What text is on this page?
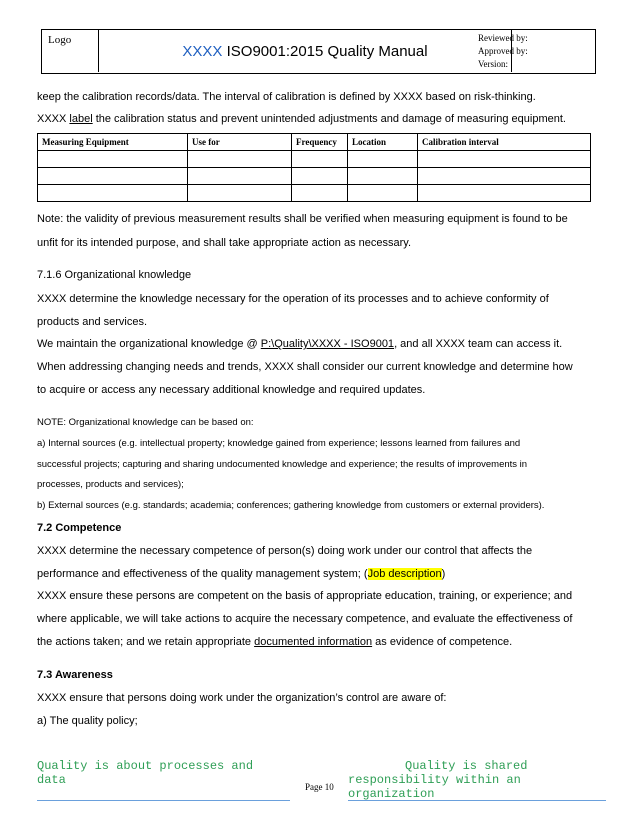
Logo
XXXX ISO9001:2015 Quality Manual
Reviewed by:
Approved by:
Version:
keep the calibration records/data. The interval of calibration is defined by XXXX based on risk-thinking.
XXXX label the calibration status and prevent unintended adjustments and damage of measuring equipment.
Measuring Equipment	Use for	Frequency	Location	Calibration interval

Note: the validity of previous measurement results shall be verified when measuring equipment is found to be
unfit for its intended purpose, and shall take appropriate action as necessary.
7.1.6 Organizational knowledge
XXXX determine the knowledge necessary for the operation of its processes and to achieve conformity of
products and services.
We maintain the organizational knowledge @ P:\Quality\XXXX - ISO9001, and all XXXX team can access it.
When addressing changing needs and trends, XXXX shall consider our current knowledge and determine how
to acquire or access any necessary additional knowledge and required updates.
NOTE: Organizational knowledge can be based on:
a) Internal sources (e.g. intellectual property; knowledge gained from experience; lessons learned from failures and
successful projects; capturing and sharing undocumented knowledge and experience; the results of improvements in
processes, products and services);
b) External sources (e.g. standards; academia; conferences; gathering knowledge from customers or external providers).
7.2 Competence
XXXX determine the necessary competence of person(s) doing work under our control that affects the
performance and effectiveness of the quality management system; (Job description)
XXXX ensure these persons are competent on the basis of appropriate education, training, or experience; and
where applicable, we will take actions to acquire the necessary competence, and evaluate the effectiveness of
the actions taken; and we retain appropriate documented information as evidence of competence.
7.3 Awareness
XXXX ensure that persons doing work under the organization’s control are aware of:
a) The quality policy;
Quality is about processes and
data	Page 10
Quality is shared
responsibility within an
organization
